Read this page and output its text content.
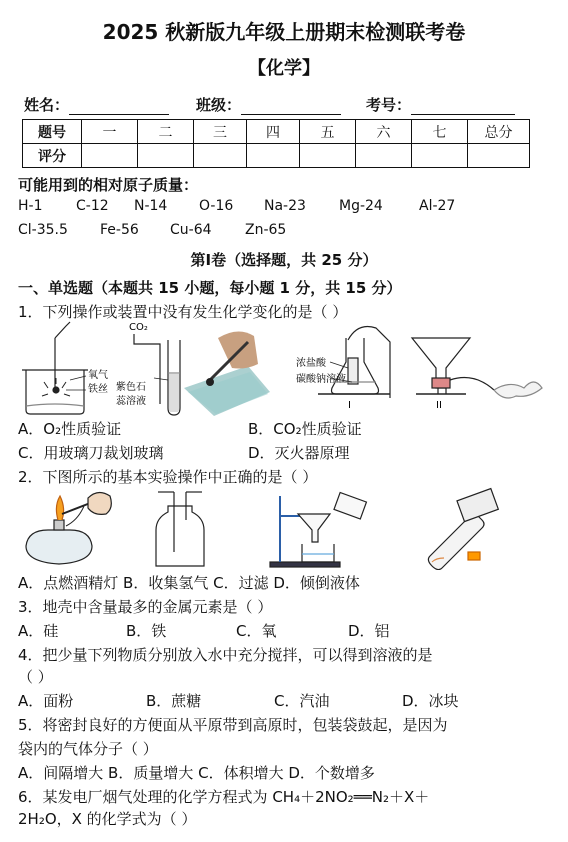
2025 秋新版九年级上册期末检测联考卷
【化学】
姓名：	班级：	考号：
题号	一	二	三	四	五	六	七	总分
评分								
可能用到的相对原子质量：
H-1 C-12 N-14 O-16 Na-23 Mg-24	Al-27
Cl-35.5 Fe-56 Cu-64 Zn-65
第Ⅰ卷（选择题，共 25 分）
一、单选题（本题共 15 小题，每小题 1 分，共 15 分）
1．下列操作或装置中没有发生化学变化的是（ ）
氧气
铁丝
CO₂
紫色石
蕊溶液
浓盐酸
碳酸钠溶液
I	II
A．O₂性质验证	B．CO₂性质验证
C．用玻璃刀裁划玻璃	D．灭火器原理
2．下图所示的基本实验操作中正确的是（ ）
A．点燃酒精灯 B．收集氢气 C．过滤 D．倾倒液体
3．地壳中含量最多的金属元素是（ ）
A．硅	B．铁	C．氧	D．铝
4．把少量下列物质分别放入水中充分搅拌，可以得到溶液的是
（ ）
A．面粉	B．蔗糖	C．汽油	D．冰块
5．将密封良好的方便面从平原带到高原时，包装袋鼓起，是因为
袋内的气体分子（ ）
A．间隔增大 B．质量增大 C．体积增大 D．个数增多
6．某发电厂烟气处理的化学方程式为 CH₄＋2NO₂══N₂＋X＋
2H₂O，X 的化学式为（ ）
